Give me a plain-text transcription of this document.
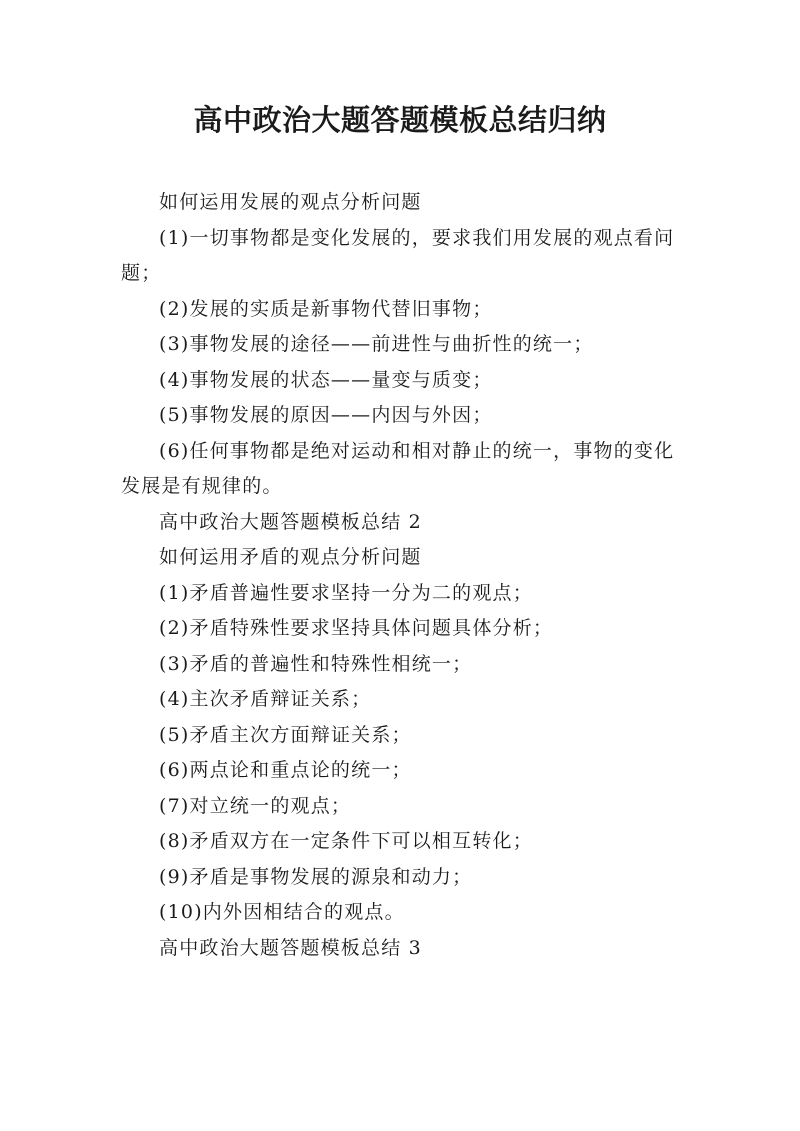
高中政治大题答题模板总结归纳

如何运用发展的观点分析问题

(1)一切事物都是变化发展的，要求我们用发展的观点看问题；

(2)发展的实质是新事物代替旧事物；

(3)事物发展的途径——前进性与曲折性的统一；

(4)事物发展的状态——量变与质变；

(5)事物发展的原因——内因与外因；

(6)任何事物都是绝对运动和相对静止的统一，事物的变化发展是有规律的。

高中政治大题答题模板总结 2

如何运用矛盾的观点分析问题

(1)矛盾普遍性要求坚持一分为二的观点；

(2)矛盾特殊性要求坚持具体问题具体分析；

(3)矛盾的普遍性和特殊性相统一；

(4)主次矛盾辩证关系；

(5)矛盾主次方面辩证关系；

(6)两点论和重点论的统一；

(7)对立统一的观点；

(8)矛盾双方在一定条件下可以相互转化；

(9)矛盾是事物发展的源泉和动力；

(10)内外因相结合的观点。

高中政治大题答题模板总结 3
